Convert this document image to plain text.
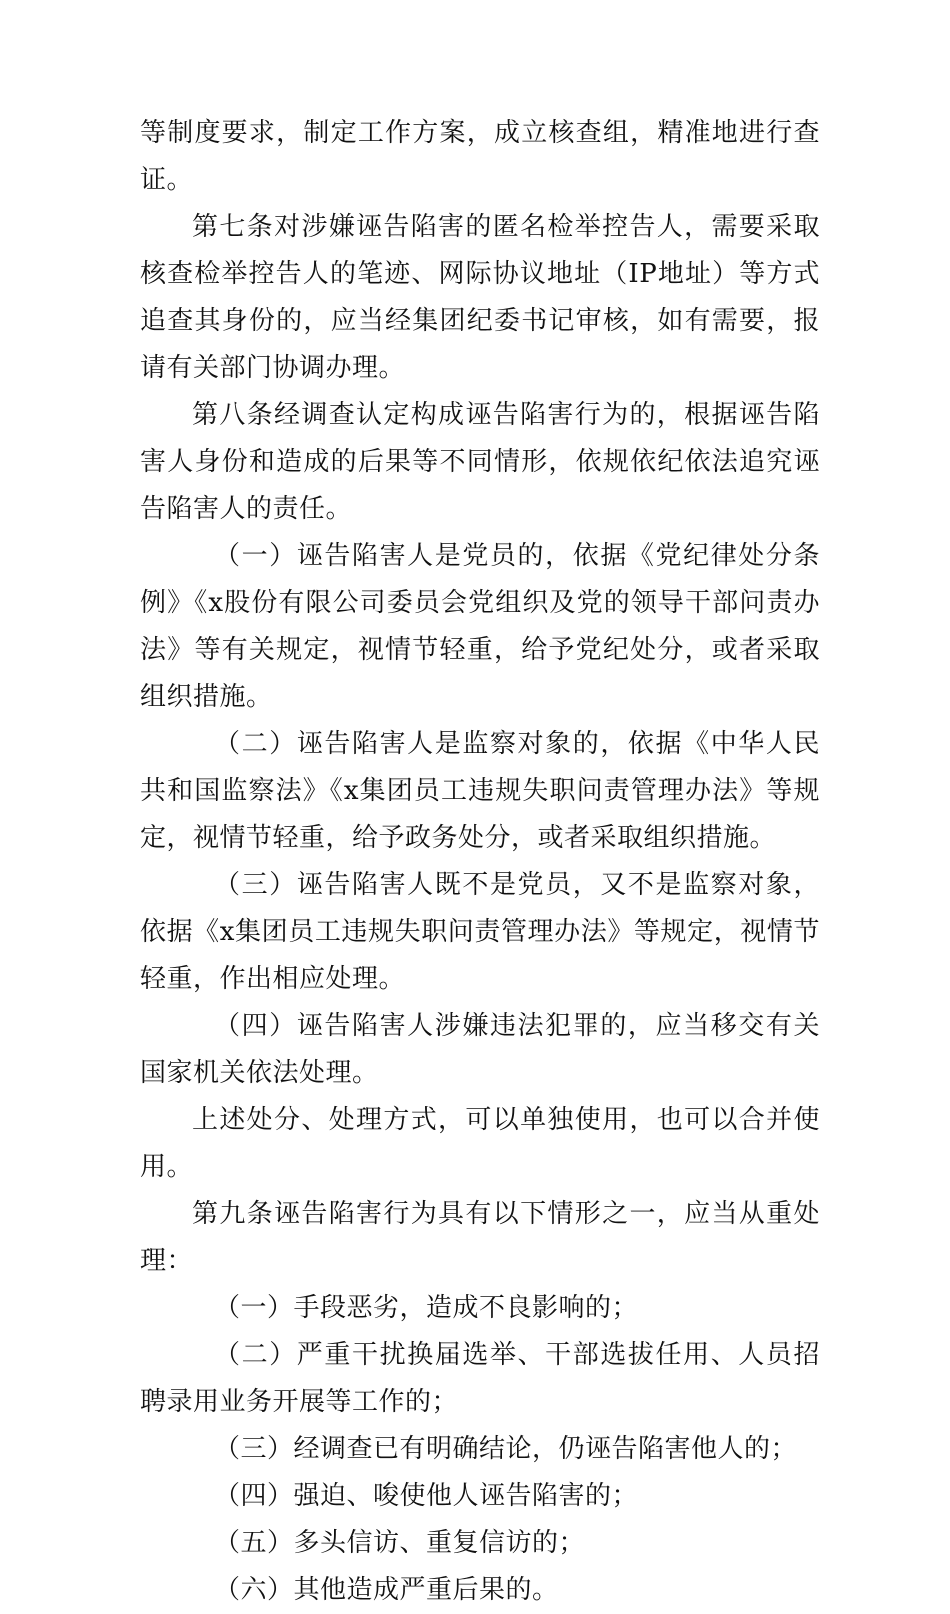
等制度要求，制定工作方案，成立核查组，精准地进行查证。

第七条对涉嫌诬告陷害的匿名检举控告人，需要采取核查检举控告人的笔迹、网际协议地址（IP地址）等方式追查其身份的，应当经集团纪委书记审核，如有需要，报请有关部门协调办理。

第八条经调查认定构成诬告陷害行为的，根据诬告陷害人身份和造成的后果等不同情形，依规依纪依法追究诬告陷害人的责任。

（一）诬告陷害人是党员的，依据《党纪律处分条例》《x股份有限公司委员会党组织及党的领导干部问责办法》等有关规定，视情节轻重，给予党纪处分，或者采取组织措施。

（二）诬告陷害人是监察对象的，依据《中华人民共和国监察法》《x集团员工违规失职问责管理办法》等规定，视情节轻重，给予政务处分，或者采取组织措施。

（三）诬告陷害人既不是党员，又不是监察对象，依据《x集团员工违规失职问责管理办法》等规定，视情节轻重，作出相应处理。

（四）诬告陷害人涉嫌违法犯罪的，应当移交有关国家机关依法处理。

上述处分、处理方式，可以单独使用，也可以合并使用。

第九条诬告陷害行为具有以下情形之一，应当从重处理：

（一）手段恶劣，造成不良影响的；

（二）严重干扰换届选举、干部选拔任用、人员招聘录用业务开展等工作的；

（三）经调查已有明确结论，仍诬告陷害他人的；

（四）强迫、唆使他人诬告陷害的；

（五）多头信访、重复信访的；

（六）其他造成严重后果的。
